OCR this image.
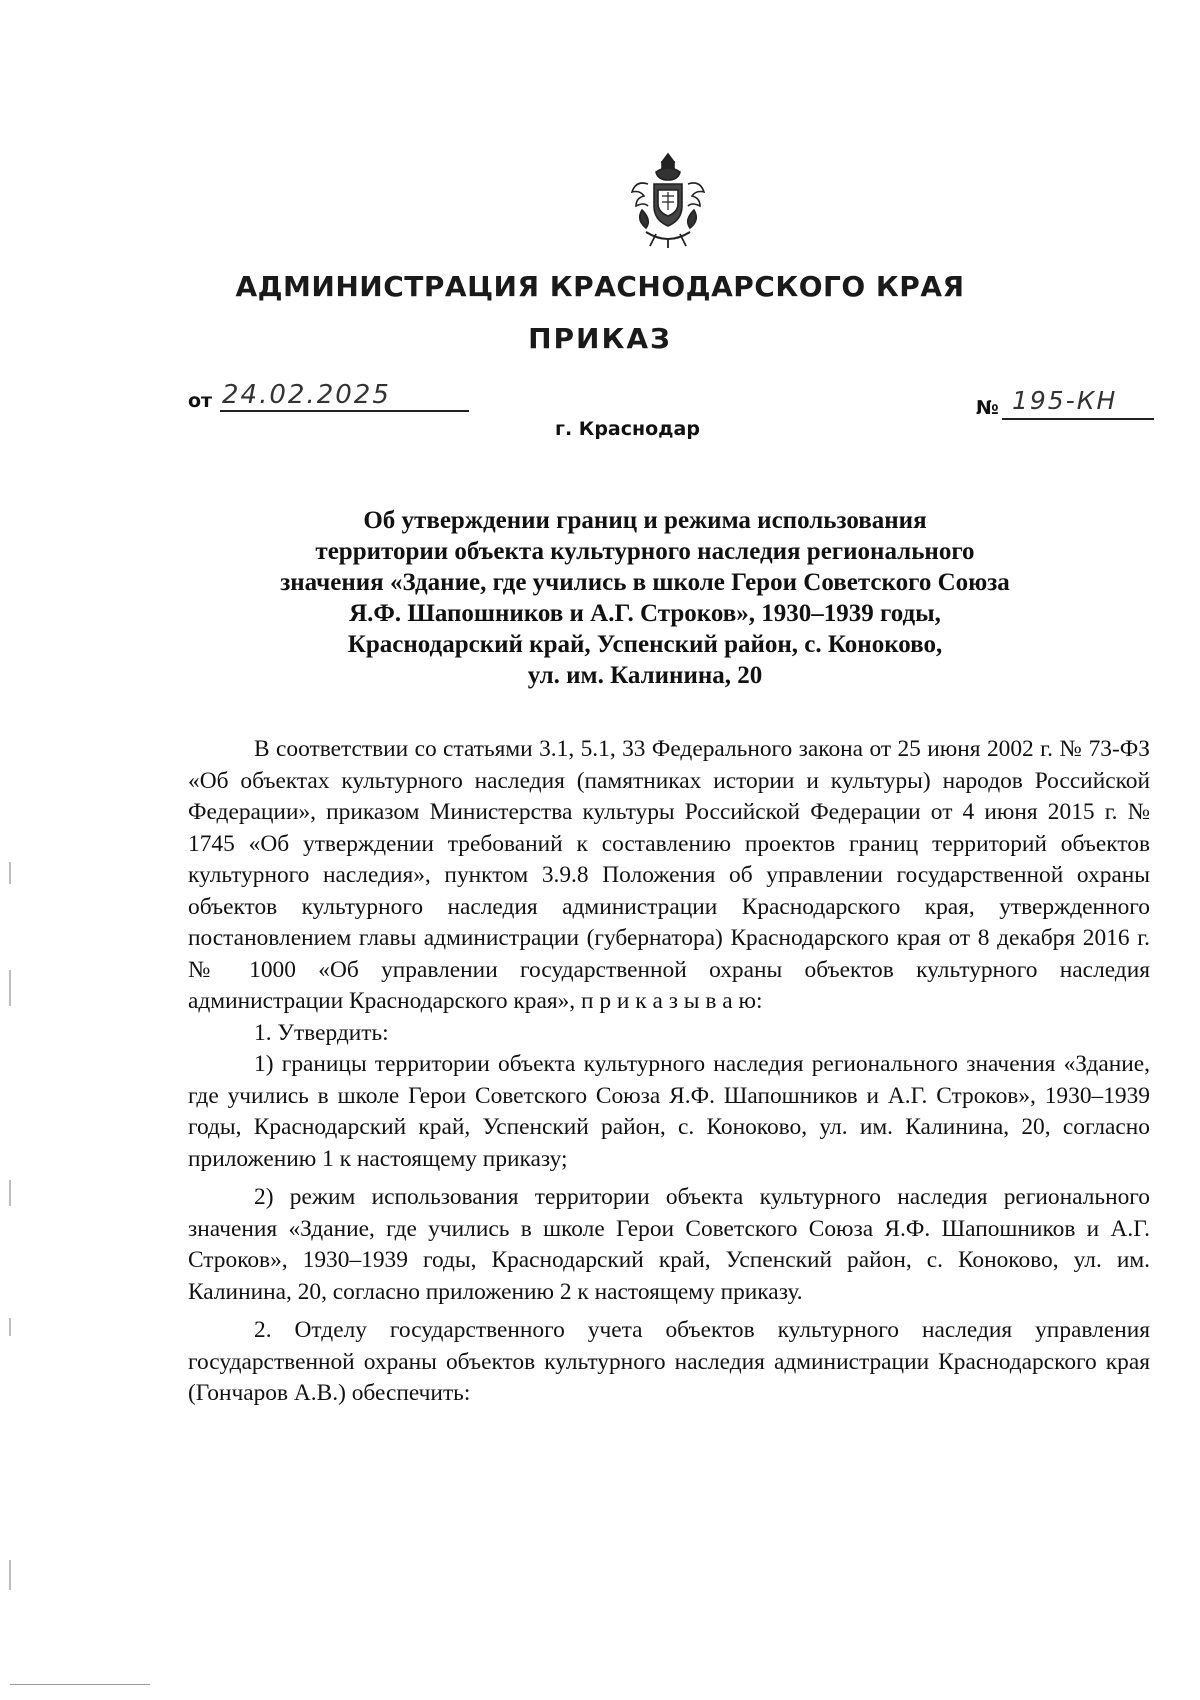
АДМИНИСТРАЦИЯ КРАСНОДАРСКОГО КРАЯ
ПРИКАЗ
от 24.02.2025	№ 195-КН
г. Краснодар
Об утверждении границ и режима использования
территории объекта культурного наследия регионального
значения «Здание, где учились в школе Герои Советского Союза
Я.Ф. Шапошников и А.Г. Строков», 1930–1939 годы,
Краснодарский край, Успенский район, с. Коноково,
ул. им. Калинина, 20

В соответствии со статьями 3.1, 5.1, 33 Федерального закона от 25 июня 2002 г. № 73-ФЗ «Об объектах культурного наследия (памятниках истории и культуры) народов Российской Федерации», приказом Министерства культуры Российской Федерации от 4 июня 2015 г. № 1745 «Об утверждении требований к составлению проектов границ территорий объектов культурного наследия», пунктом 3.9.8 Положения об управлении государственной охраны объектов культурного наследия администрации Краснодарского края, утвержденного постановлением главы администрации (губернатора) Краснодарского края от 8 декабря 2016 г. № 1000 «Об управлении государственной охраны объектов культурного наследия администрации Краснодарского края», п р и к а з ы в а ю:

1. Утвердить:

1) границы территории объекта культурного наследия регионального значения «Здание, где учились в школе Герои Советского Союза Я.Ф. Шапошников и А.Г. Строков», 1930–1939 годы, Краснодарский край, Успенский район, с. Коноково, ул. им. Калинина, 20, согласно приложению 1 к настоящему приказу;

2) режим использования территории объекта культурного наследия регионального значения «Здание, где учились в школе Герои Советского Союза Я.Ф. Шапошников и А.Г. Строков», 1930–1939 годы, Краснодарский край, Успенский район, с. Коноково, ул. им. Калинина, 20, согласно приложению 2 к настоящему приказу.

2. Отделу государственного учета объектов культурного наследия управления государственной охраны объектов культурного наследия администрации Краснодарского края (Гончаров А.В.) обеспечить:
